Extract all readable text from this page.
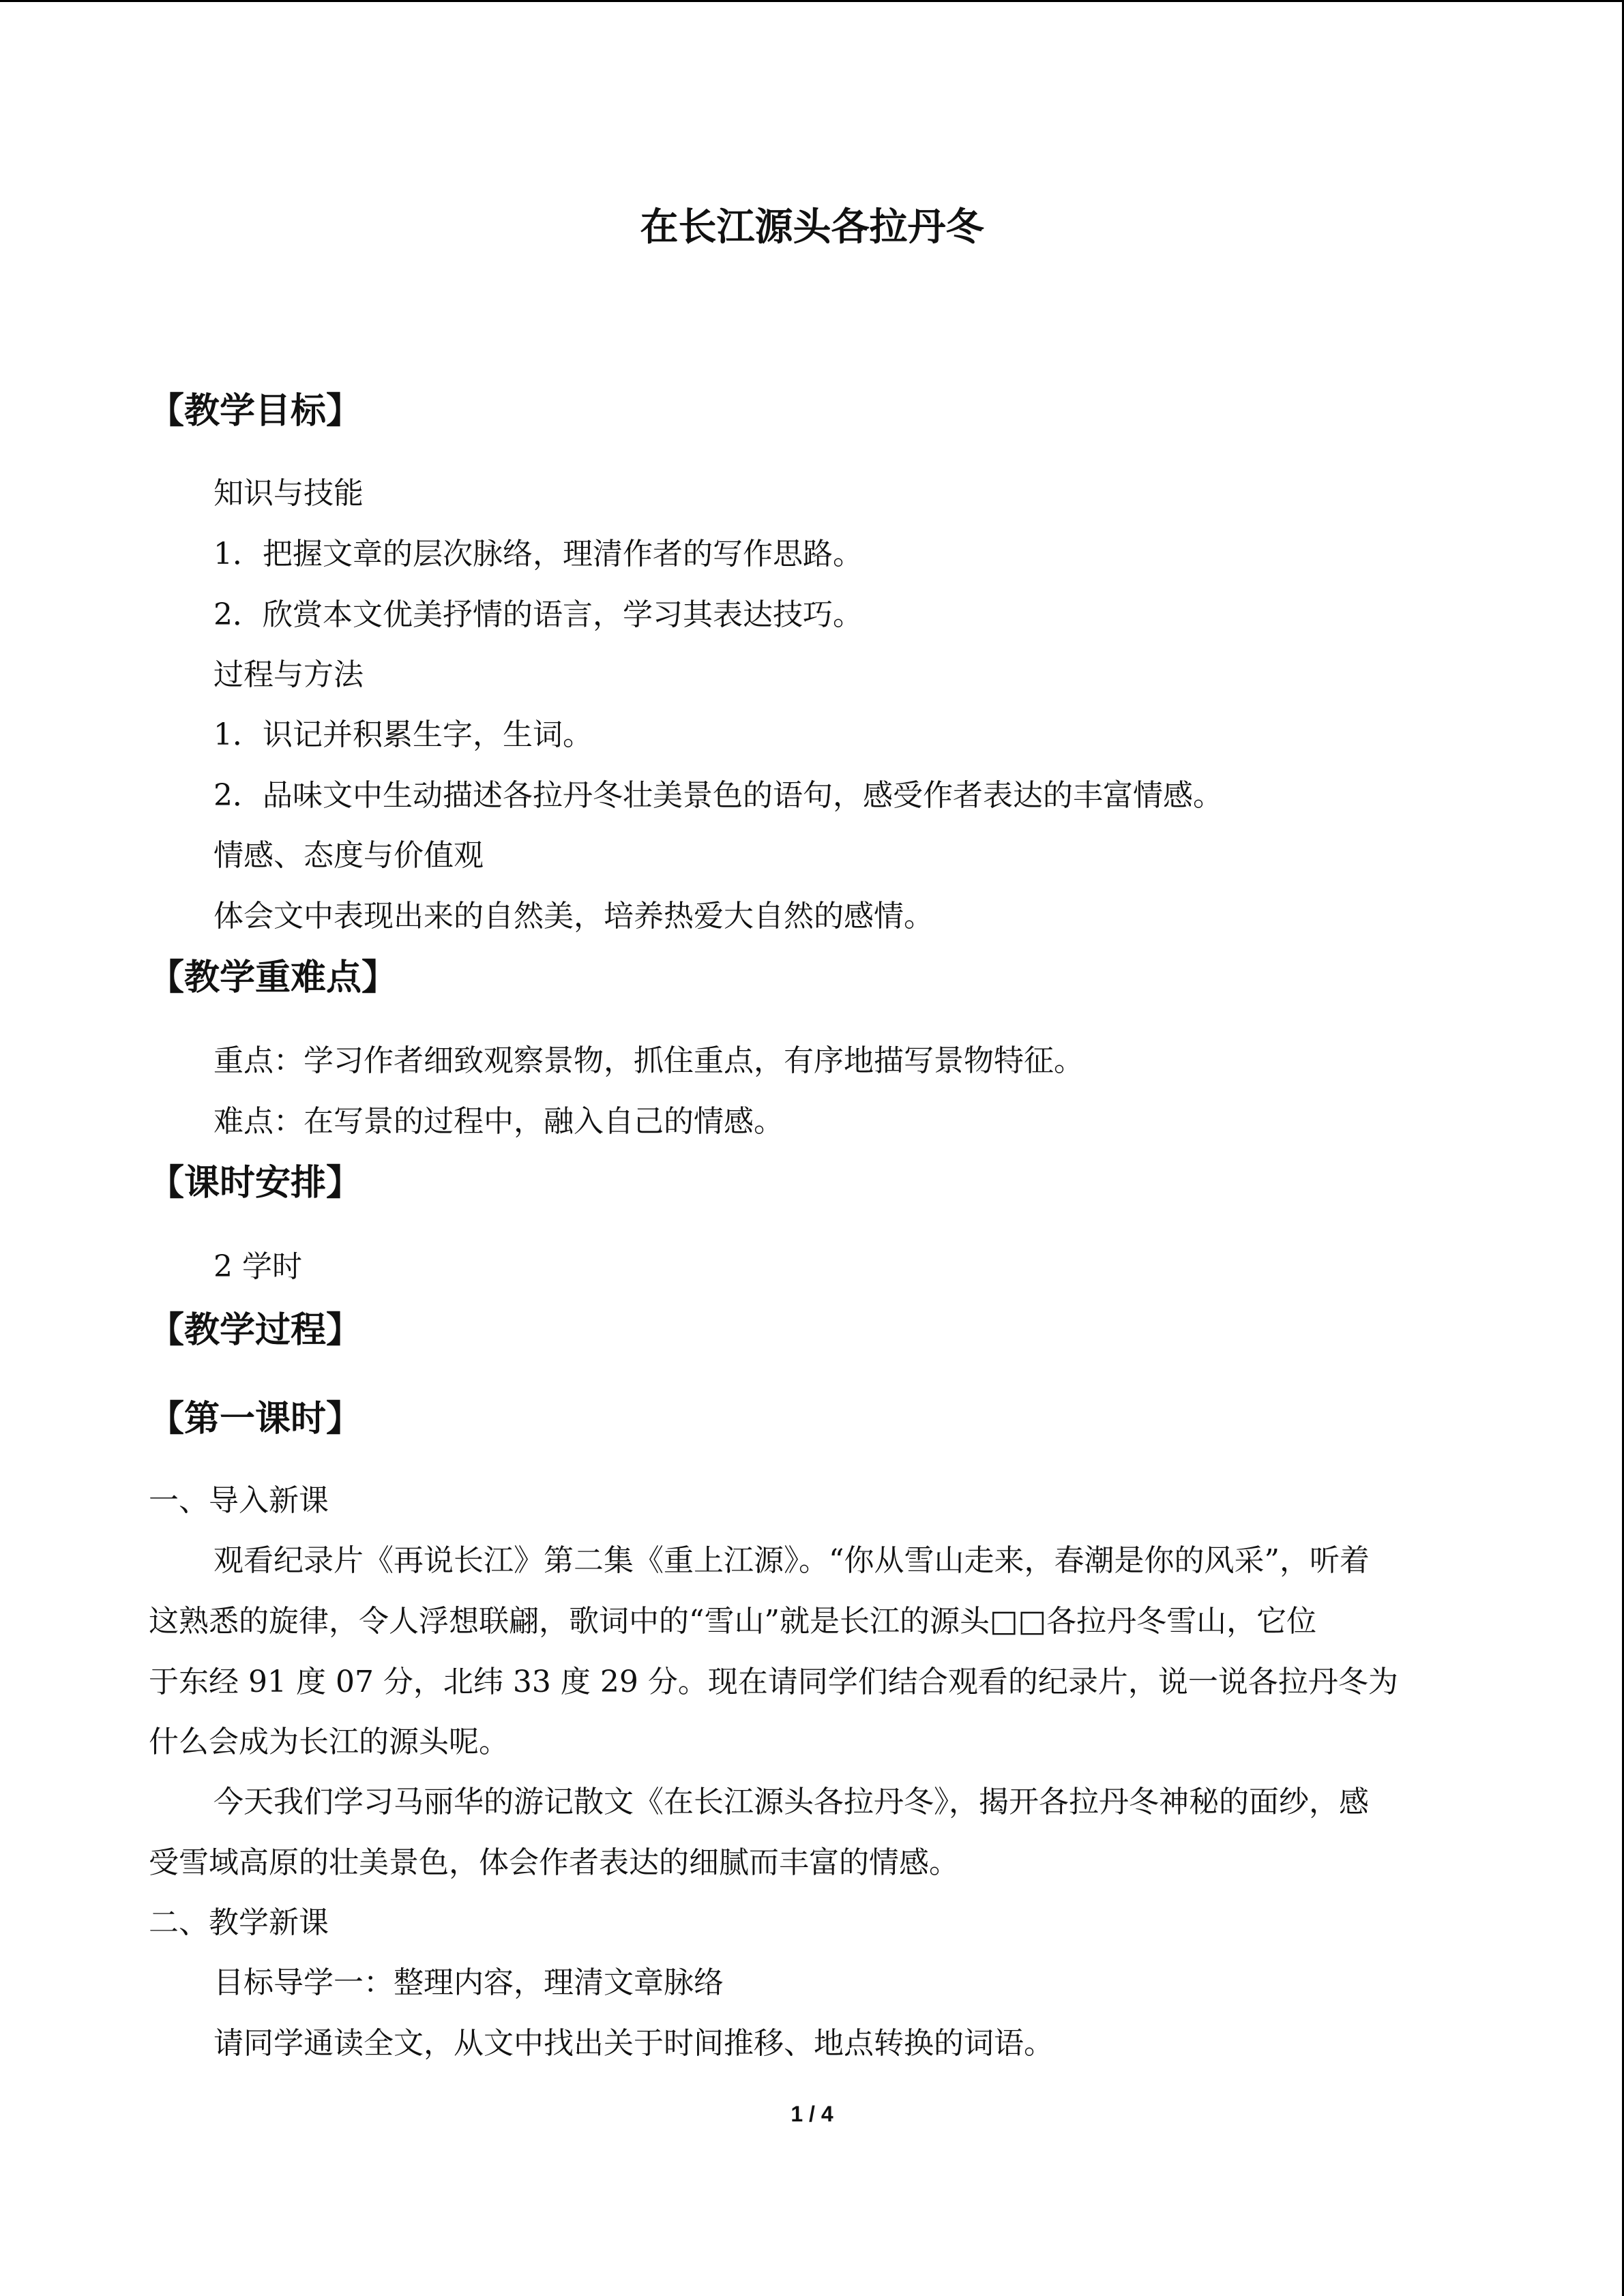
在长江源头各拉丹冬
【教学目标】
知识与技能
1．把握文章的层次脉络，理清作者的写作思路。
2．欣赏本文优美抒情的语言，学习其表达技巧。
过程与方法
1．识记并积累生字，生词。
2．品味文中生动描述各拉丹冬壮美景色的语句，感受作者表达的丰富情感。
情感、态度与价值观
体会文中表现出来的自然美，培养热爱大自然的感情。
【教学重难点】
重点：学习作者细致观察景物，抓住重点，有序地描写景物特征。
难点：在写景的过程中，融入自己的情感。
【课时安排】
2 学时
【教学过程】
【第一课时】
一、导入新课
观看纪录片《再说长江》第二集《重上江源》。“你从雪山走来，春潮是你的风采”，听着
这熟悉的旋律，令人浮想联翩，歌词中的“雪山”就是长江的源头□□各拉丹冬雪山，它位
于东经 91 度 07 分，北纬 33 度 29 分。现在请同学们结合观看的纪录片，说一说各拉丹冬为
什么会成为长江的源头呢。
今天我们学习马丽华的游记散文《在长江源头各拉丹冬》，揭开各拉丹冬神秘的面纱，感
受雪域高原的壮美景色，体会作者表达的细腻而丰富的情感。
二、教学新课
目标导学一：整理内容，理清文章脉络
请同学通读全文，从文中找出关于时间推移、地点转换的词语。
1 / 4
